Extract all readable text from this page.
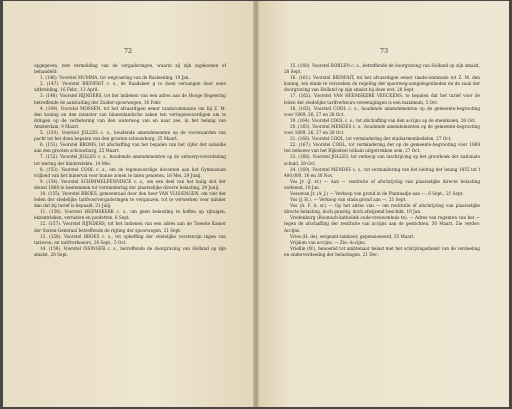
72

opgegeven, met vermelding van de vergaderingen, waarin zij zijn ingekomen of behandeld:

1. (146). Voorstel MUMMA, tot wegvaering van de Rasleeding, 19 Jan.

2. (147). Voorstel BIENFAIT c. s., de Raadsleer g to doen vervangen door eene uitbreiding, 16 Febr., 13 April.

3. (148). Voorstel RIJNDERS, tot het indienen van een adres aan de Hooge Regeering betreffende de aansluiting der Zuider-spoorwegen, 16 Febr.

4. (149). Voorstel MOSSEN, tot het afvaardigen eener raadscommissie om bij Z. M. den koning en den minister van binnenlandsche zaken ten vertegenwoordigen om te dringen op de verbetering van den waterweg van en naar zee, in het belang van Amsterdam, 9 Maart.

5. (150). Voorstel JOLLES c. s., houdende amendementen op de voorwaarden van pacht tot het doen bepalen van den grooten schouwburg, 25 Maart.

6. (151). Voorstel BROMS, tot afschaffing van het bepalen van het cijfer der subsidie aan den grooten schouwburg, 25 Maart.

7. (152). Voorstel JOLLES c. s., houdende amendementen op de ontwerp-verordening tot wering der kinderziekte, 14 Mei.

8. (153). Voorstel COOL c. s., om de tegenwoordige docenten aan het Gymnasium vrijheid van het minerval voor hunne zonen te laten genieten, 18 Mei, 29 Junij.

9. (154). Voorstel SCHIMMELPENNINCK c. s., om een deel van het batig slot der dienst 1868 te bestemmen tot vermindering der plaatselijke directe belasting, 29 Junij.

10. (155). Voorstel BROES, gemeenraad door den heer VAN VLISSINGEN, om vier der leden der stedelijke tarifvoorvergaderingen te verganzen, tot te verwerken voor minder dan dat bij tarief is bepaald, 21 Julij.

11. (156). Voorstel HEEMSKERK c. s., om geen bekosting te heffen op rijtuigen, ekzentrieken, vernisten en ponletten, 6 Sept.

12. (157). Voorstel RIJNDERS, tot het indienen van een adres aan de Tweede Kamer der Staten-Generaal betreffende de rigting der spoorwegen, 21 Sept.

13. (158). Voorstel BROES c. s., tot opheffing der stedelijke vorstenrijn ingen van tarieven, en tarifverkoeurs, 28 Sept., 5 Oct.

14. (159). Voorstel ISSINGER c. s., betreffende de doorgraving van Holland op zijn smalst, 28 Sept.

73

15. (160). Voorstel BORLEN c. s., betreffende de doorgraving van Holland op zijn smalst, 28 Sept.

16. (161). Voorstel BIENFAIT, tot het afvaardigen eener raadscommissie tot Z. M. den koning, ten einde te verzoeken de regeling der spoorweg-aangelegenheden en de zaak der doorgraving van Holland op zijn smalst bij deze wet, 28 Sept.

17. (162). Voorstel VAN HEEMSKERK VEECKENS, te bepalen dat het tarief voor de leden der stedelijke tarifverkeurs-vereenigingen is een maximum, 5 Oct.

18. (163). Voorstel COOL c. s., houdende amendementen op de gemeente-begrooting voor 1869, 26, 27 en 28 Oct.

19. (164). Voorstel COOL c. s., tot afschaffing van den accijns op de steenkolen, 26 Oct.

20. (165). Voorstel MENDES c. s., houdende amendementen op de gemeente-begrooting voor 1869, 26, 27 en 28 Oct.

21. (166). Voorstel COOL, tot vermindering der stadsarmenbedelen, 27 Oct.

22. (167). Voorstel COOL, tot vermindering der op de gemeente-begrooting voor 1869 ten behoeve van het Rijksdeel tolbain uitgetrokken som, 27 Oct.

23. (168). Voorstel JOLLES, tot verkoop van inschrijving op het grootboek der nationale schuld, 28 Oct.

24. (169). Voorstel MENDES c. s., tot vermindering van het bedrag der lening 1855 tot f 400,000, 16 en 30 Nov.

Vos Jr. (J. sr.) — Aan — restitutie of afschrijving van plaatselijke directe belasting verleend, 19 Jan.

Vossevan Jr. (A. J.) — Verkoop van grond in de Plantaadje aan —, 6 Sept., 21 Sept.

Vos (J. H.). — Verkoop van stads grond aan —, 21 Sept.

Vos (A. F. A. sr.) — Op het adres van — om restitutie of afschrijving van plaatselijke directe belasting, doch gunstig, doch afwijzend beschikt, 19 Jan.

Vredenburg (Roomsch-katholiek oude-vrouwenhuis te). — Adres van regenten van het — tegen de afschaffing der restitutie van accijns aan de gestichten, 30 Maart. Zie verder: Accijns.

Vries (H. de), sergeant-tamboer, gepensioneerd, 25 Maart.

Vrijdom van accijns. — Zie: Accijns.

Vriellin (W.), benoemd tot ambtenaar belast met het schrijvingsdienst van de verdeeling en onderverdeeling der belastingen, 21 Dec.
